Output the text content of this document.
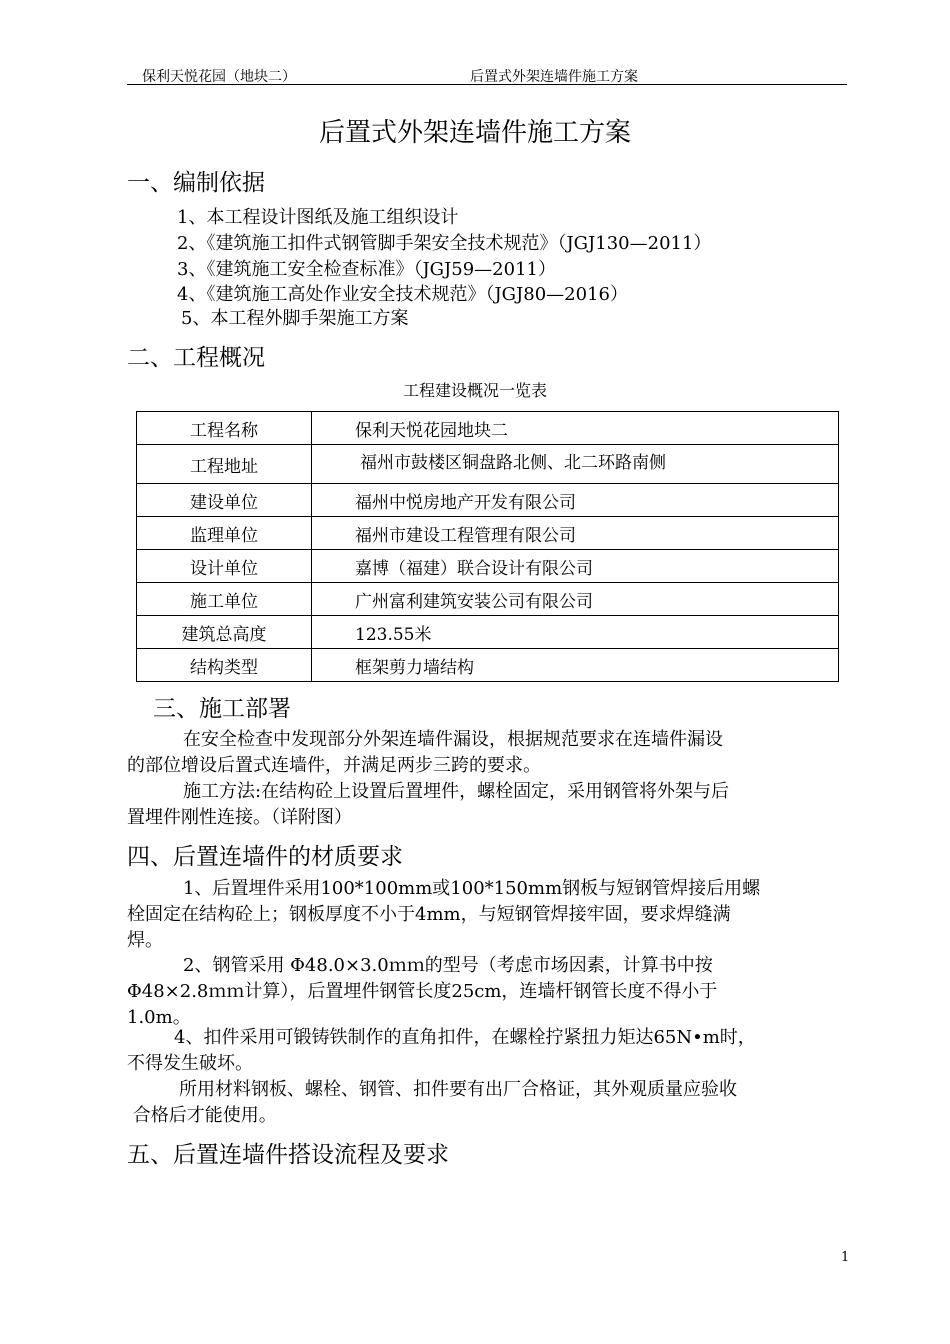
保利天悦花园（地块二）	后置式外架连墙件施工方案
后置式外架连墙件施工方案
一、编制依据
1、本工程设计图纸及施工组织设计
2、《建筑施工扣件式钢管脚手架安全技术规范》（JGJ130—2011）
3、《建筑施工安全检查标准》（JGJ59—2011）
4、《建筑施工高处作业安全技术规范》（JGJ80—2016）
5、本工程外脚手架施工方案
二、工程概况
工程建设概况一览表
工程名称	保利天悦花园地块二
工程地址	福州市鼓楼区铜盘路北侧、北二环路南侧
建设单位	福州中悦房地产开发有限公司
监理单位	福州市建设工程管理有限公司
设计单位	嘉博（福建）联合设计有限公司
施工单位	广州富利建筑安装公司有限公司
建筑总高度	123.55米
结构类型	框架剪力墙结构
三、施工部署
在安全检查中发现部分外架连墙件漏设，根据规范要求在连墙件漏设
的部位增设后置式连墙件，并满足两步三跨的要求。
施工方法:在结构砼上设置后置埋件，螺栓固定，采用钢管将外架与后
置埋件刚性连接。（详附图）
四、后置连墙件的材质要求
1、后置埋件采用100*100mm或100*150mm钢板与短钢管焊接后用螺
栓固定在结构砼上；钢板厚度不小于4mm，与短钢管焊接牢固，要求焊缝满
焊。
2、钢管采用 Φ48.0×3.0ｍｍ的型号（考虑市场因素，计算书中按
Φ48×2.8ｍｍ计算），后置埋件钢管长度25cm，连墙杆钢管长度不得小于
1.0m。
4、扣件采用可锻铸铁制作的直角扣件，在螺栓拧紧扭力矩达65N•m时，
不得发生破坏。
所用材料钢板、螺栓、钢管、扣件要有出厂合格证，其外观质量应验收
合格后才能使用。
五、后置连墙件搭设流程及要求
1
